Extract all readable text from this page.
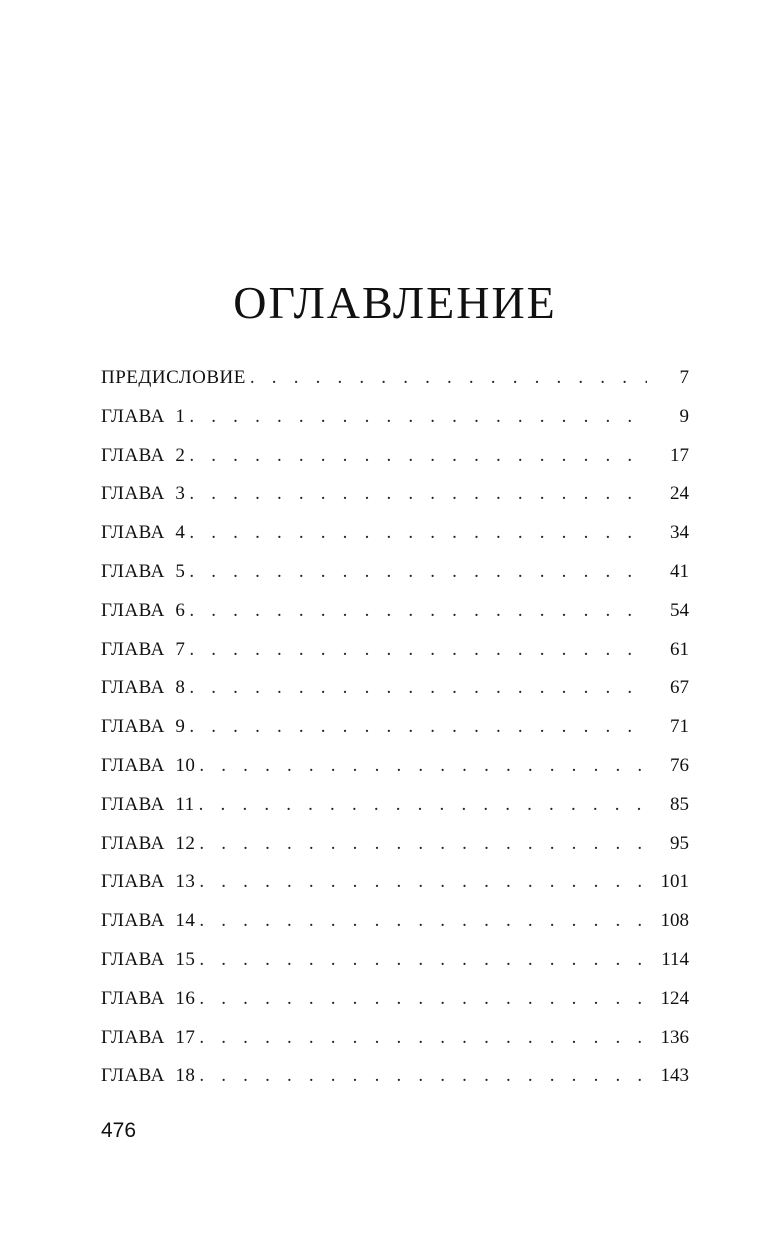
ОГЛАВЛЕНИЕ
ПРЕДИСЛОВИЕ . . .	7
ГЛАВА  1 . . .	9
ГЛАВА  2 . . .	17
ГЛАВА  3 . . .	24
ГЛАВА  4 . . .	34
ГЛАВА  5 . . .	41
ГЛАВА  6 . . .	54
ГЛАВА  7 . . .	61
ГЛАВА  8 . . .	67
ГЛАВА  9 . . .	71
ГЛАВА  10 . . .	76
ГЛАВА  11 . . .	85
ГЛАВА  12 . . .	95
ГЛАВА  13 . . .	101
ГЛАВА  14 . . .	108
ГЛАВА  15 . . .	114
ГЛАВА  16 . . .	124
ГЛАВА  17 . . .	136
ГЛАВА  18 . . .	143
476
